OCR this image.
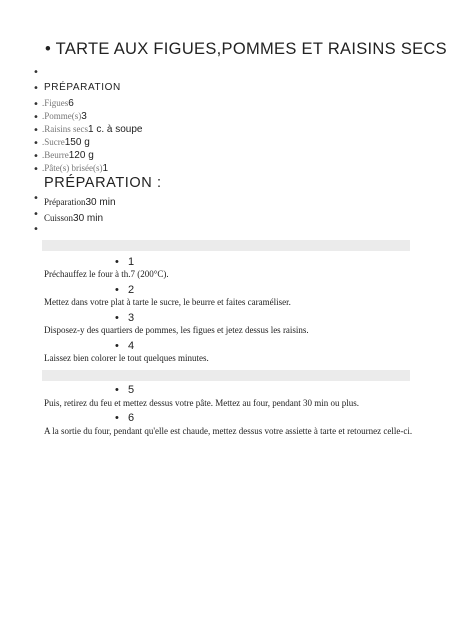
• TARTE AUX FIGUES,POMMES ET RAISINS SECS
•
• PRÉPARATION
• .Figues6
• .Pomme(s)3
• .Raisins secs1 c. à soupe
• .Sucre150 g
• .Beurre120 g
• .Pâte(s) brisée(s)1
PRÉPARATION :
• Préparation30 min
• Cuisson30 min
•
•   1
Préchauffez le four à th.7 (200°C).
•   2
Mettez dans votre plat à tarte le sucre, le beurre et faites caraméliser.
•   3
Disposez-y des quartiers de pommes, les figues et jetez dessus les raisins.
•   4
Laissez bien colorer le tout quelques minutes.
•   5
Puis, retirez du feu et mettez dessus votre pâte. Mettez au four, pendant 30 min ou plus.
•   6
A la sortie du four, pendant qu'elle est chaude, mettez dessus votre assiette à tarte et retournez celle-ci.
